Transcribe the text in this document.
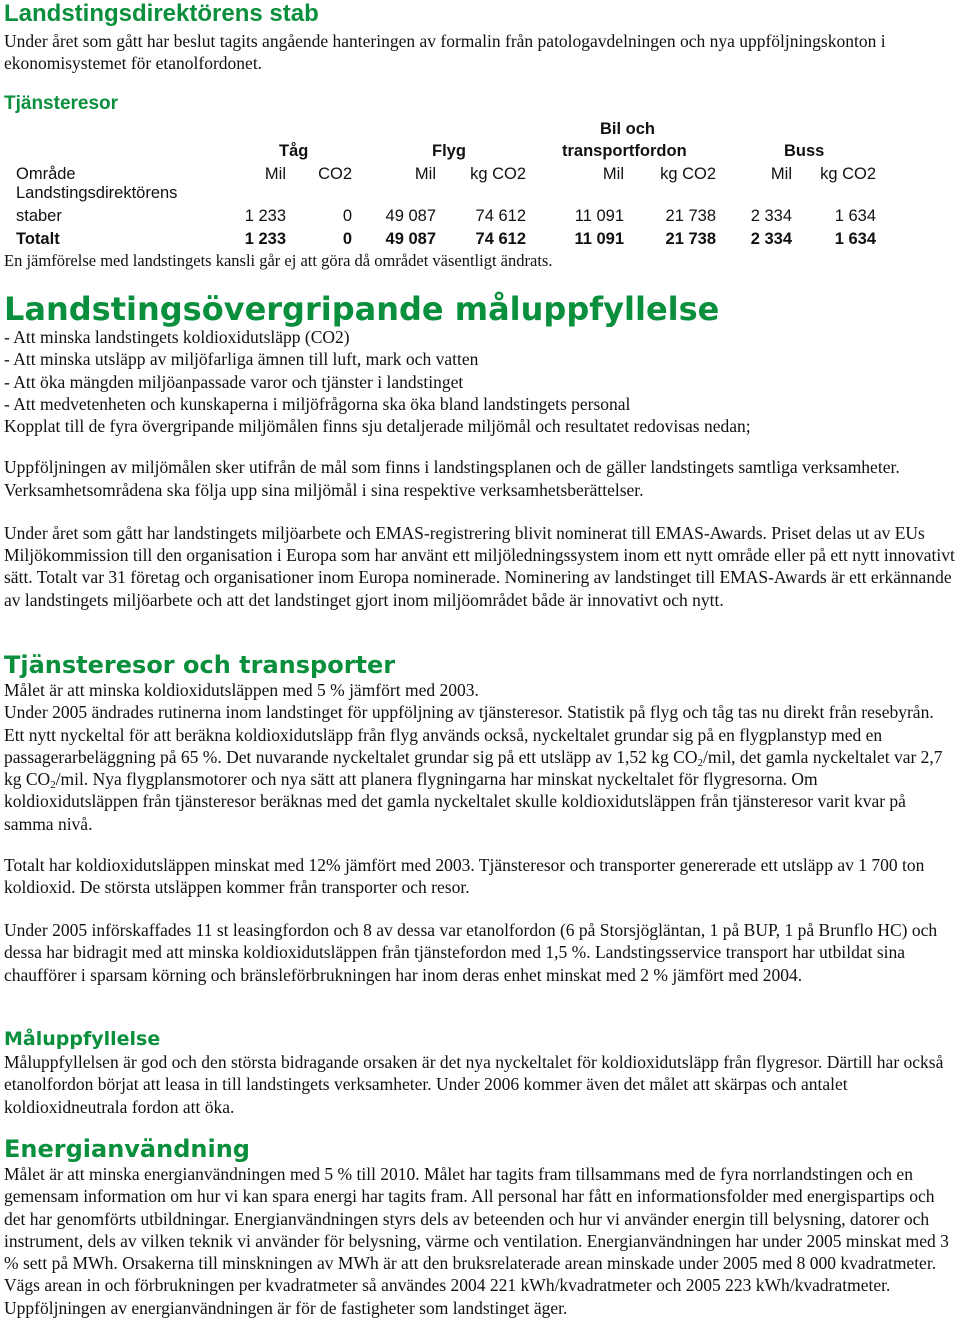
Landstingsdirektörens stab

Under året som gått har beslut tagits angående hanteringen av formalin från patologavdelningen och nya uppföljningskonton i ekonomisystemet för etanolfordonet.

Tjänsteresor
Bil och
Tåg	Flyg	transportfordon	Buss
Område	Mil	CO2	Mil	kg CO2	Mil	kg CO2	Mil	kg CO2
Landstingsdirektörens
staber	1 233	0	49 087	74 612	11 091	21 738	2 334	1 634
Totalt	1 233	0	49 087	74 612	11 091	21 738	2 334	1 634

En jämförelse med landstingets kansli går ej att göra då området väsentligt ändrats.

Landstingsövergripande måluppfyllelse

- Att minska landstingets koldioxidutsläpp (CO2)

- Att minska utsläpp av miljöfarliga ämnen till luft, mark och vatten

- Att öka mängden miljöanpassade varor och tjänster i landstinget

- Att medvetenheten och kunskaperna i miljöfrågorna ska öka bland landstingets personal

Kopplat till de fyra övergripande miljömålen finns sju detaljerade miljömål och resultatet redovisas nedan;

Uppföljningen av miljömålen sker utifrån de mål som finns i landstingsplanen och de gäller landstingets samtliga verksamheter. Verksamhetsområdena ska följa upp sina miljömål i sina respektive verksamhetsberättelser.

Under året som gått har landstingets miljöarbete och EMAS-registrering blivit nominerat till EMAS-Awards. Priset delas ut av EUs Miljökommission till den organisation i Europa som har använt ett miljöledningssystem inom ett nytt område eller på ett nytt innovativt sätt. Totalt var 31 företag och organisationer inom Europa nominerade. Nominering av landstinget till EMAS-Awards är ett erkännande av landstingets miljöarbete och att det landstinget gjort inom miljöområdet både är innovativt och nytt.

Tjänsteresor och transporter

Målet är att minska koldioxidutsläppen med 5 % jämfört med 2003.

Under 2005 ändrades rutinerna inom landstinget för uppföljning av tjänsteresor. Statistik på flyg och tåg tas nu direkt från resebyrån. Ett nytt nyckeltal för att beräkna koldioxidutsläpp från flyg används också, nyckeltalet grundar sig på en flygplanstyp med en passagerarbeläggning på 65 %. Det nuvarande nyckeltalet grundar sig på ett utsläpp av 1,52 kg $CO_2$/mil, det gamla nyckeltalet var 2,7 kg $CO_2$/mil. Nya flygplansmotorer och nya sätt att planera flygningarna har minskat nyckeltalet för flygresorna. Om koldioxidutsläppen från tjänsteresor beräknas med det gamla nyckeltalet skulle koldioxidutsläppen från tjänsteresor varit kvar på samma nivå.

Totalt har koldioxidutsläppen minskat med 12% jämfört med 2003. Tjänsteresor och transporter genererade ett utsläpp av 1 700 ton koldioxid. De största utsläppen kommer från transporter och resor.

Under 2005 införskaffades 11 st leasingfordon och 8 av dessa var etanolfordon (6 på Storsjögläntan, 1 på BUP, 1 på Brunflo HC) och dessa har bidragit med att minska koldioxidutsläppen från tjänstefordon med 1,5 %. Landstingsservice transport har utbildat sina chaufförer i sparsam körning och bränsleförbrukningen har inom deras enhet minskat med 2 % jämfört med 2004.

Måluppfyllelse

Måluppfyllelsen är god och den största bidragande orsaken är det nya nyckeltalet för koldioxidutsläpp från flygresor. Därtill har också etanolfordon börjat att leasa in till landstingets verksamheter. Under 2006 kommer även det målet att skärpas och antalet koldioxidneutrala fordon att öka.

Energianvändning

Målet är att minska energianvändningen med 5 % till 2010. Målet har tagits fram tillsammans med de fyra norrlandstingen och en gemensam information om hur vi kan spara energi har tagits fram. All personal har fått en informationsfolder med energispartips och det har genomförts utbildningar. Energianvändningen styrs dels av beteenden och hur vi använder energin till belysning, datorer och instrument, dels av vilken teknik vi använder för belysning, värme och ventilation. Energianvändningen har under 2005 minskat med 3 % sett på MWh. Orsakerna till minskningen av MWh är att den bruksrelaterade arean minskade under 2005 med 8 000 kvadratmeter. Vägs arean in och förbrukningen per kvadratmeter så användes 2004 221 kWh/kvadratmeter och 2005 223 kWh/kvadratmeter. Uppföljningen av energianvändningen är för de fastigheter som landstinget äger.
